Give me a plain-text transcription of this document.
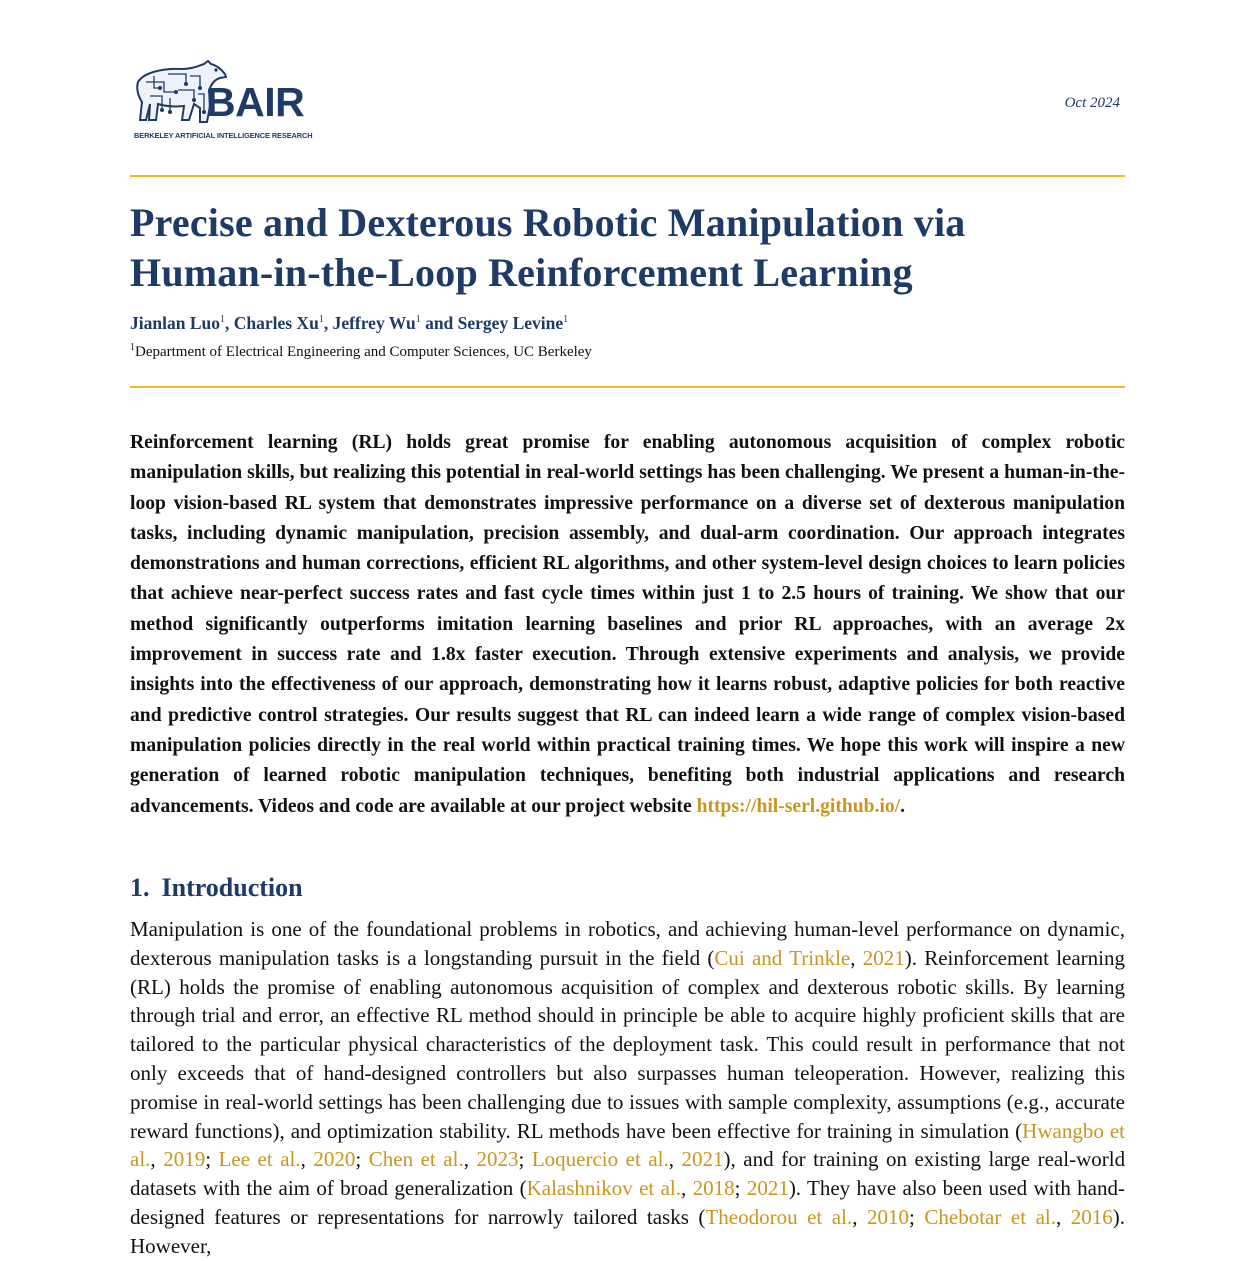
BAIR
BERKELEY ARTIFICIAL INTELLIGENCE RESEARCH
Oct 2024
Precise and Dexterous Robotic Manipulation via
Human-in-the-Loop Reinforcement Learning
Jianlan Luo$^1$, Charles Xu$^1$, Jeffrey Wu$^1$ and Sergey Levine$^1$
$^1$Department of Electrical Engineering and Computer Sciences, UC Berkeley

Reinforcement learning (RL) holds great promise for enabling autonomous acquisition of complex robotic manipulation skills, but realizing this potential in real-world settings has been challenging. We present a human-in-the-loop vision-based RL system that demonstrates impressive performance on a diverse set of dexterous manipulation tasks, including dynamic manipulation, precision assembly, and dual-arm coordination. Our approach integrates demonstrations and human corrections, efficient RL algorithms, and other system-level design choices to learn policies that achieve near-perfect success rates and fast cycle times within just 1 to 2.5 hours of training. We show that our method significantly outperforms imitation learning baselines and prior RL approaches, with an average 2x improvement in success rate and 1.8x faster execution. Through extensive experiments and analysis, we provide insights into the effectiveness of our approach, demonstrating how it learns robust, adaptive policies for both reactive and predictive control strategies. Our results suggest that RL can indeed learn a wide range of complex vision-based manipulation policies directly in the real world within practical training times. We hope this work will inspire a new generation of learned robotic manipulation techniques, benefiting both industrial applications and research advancements. Videos and code are available at our project website https://hil-serl.github.io/.

1. Introduction

Manipulation is one of the foundational problems in robotics, and achieving human-level performance on dynamic, dexterous manipulation tasks is a longstanding pursuit in the field (Cui and Trinkle, 2021). Reinforcement learning (RL) holds the promise of enabling autonomous acquisition of complex and dexterous robotic skills. By learning through trial and error, an effective RL method should in principle be able to acquire highly proficient skills that are tailored to the particular physical characteristics of the deployment task. This could result in performance that not only exceeds that of hand-designed controllers but also surpasses human teleoperation. However, realizing this promise in real-world settings has been challenging due to issues with sample complexity, assumptions (e.g., accurate reward functions), and optimization stability. RL methods have been effective for training in simulation (Hwangbo et al., 2019; Lee et al., 2020; Chen et al., 2023; Loquercio et al., 2021), and for training on existing large real-world datasets with the aim of broad generalization (Kalashnikov et al., 2018; 2021). They have also been used with hand-designed features or representations for narrowly tailored tasks (Theodorou et al., 2010; Chebotar et al., 2016). However,
